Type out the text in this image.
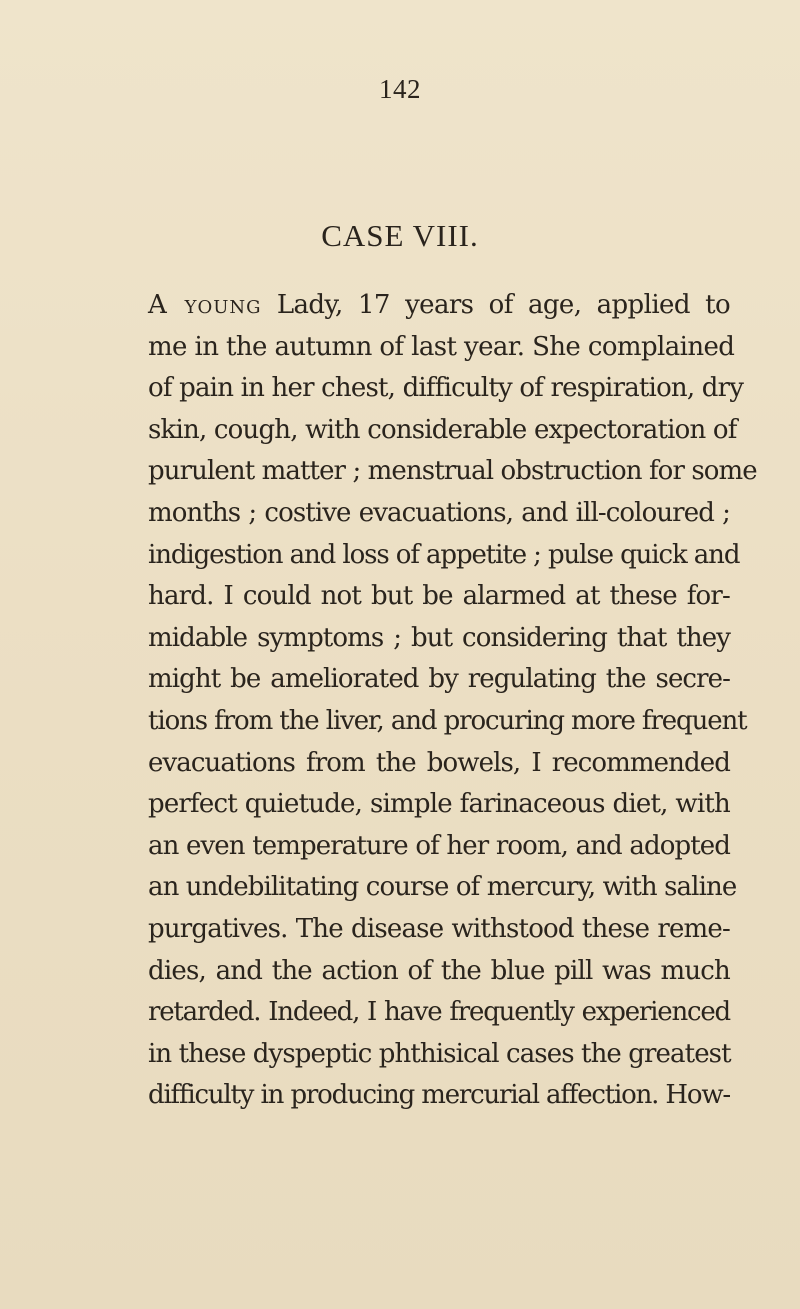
142
CASE VIII.
A young Lady, 17 years of age, applied to
me in the autumn of last year. She complained
of pain in her chest, difficulty of respiration, dry
skin, cough, with considerable expectoration of
purulent matter ; menstrual obstruction for some
months ; costive evacuations, and ill-coloured ;
indigestion and loss of appetite ; pulse quick and
hard. I could not but be alarmed at these for-
midable symptoms ; but considering that they
might be ameliorated by regulating the secre-
tions from the liver, and procuring more frequent
evacuations from the bowels, I recommended
perfect quietude, simple farinaceous diet, with
an even temperature of her room, and adopted
an undebilitating course of mercury, with saline
purgatives. The disease withstood these reme-
dies, and the action of the blue pill was much
retarded. Indeed, I have frequently experienced
in these dyspeptic phthisical cases the greatest
difficulty in producing mercurial affection. How-
